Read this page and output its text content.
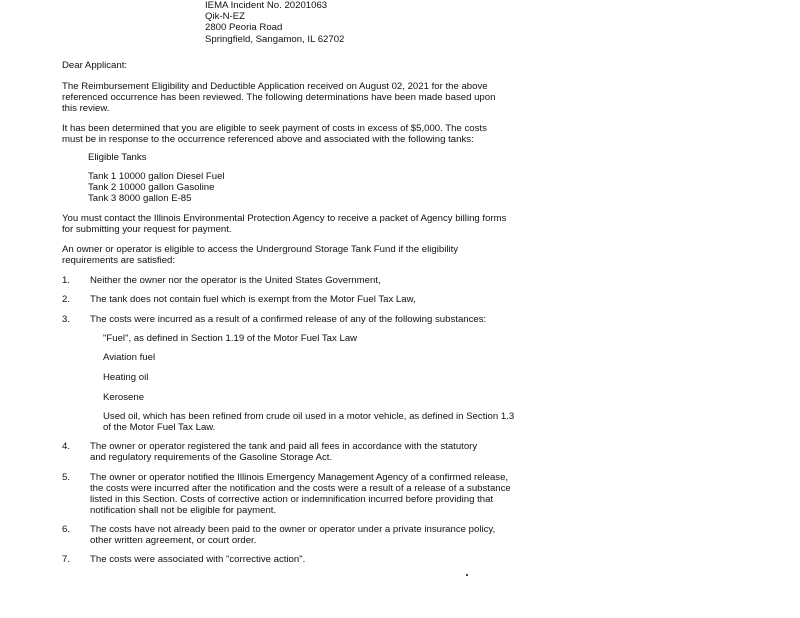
IEMA Incident No. 20201063
Qik-N-EZ
2800 Peoria Road
Springfield, Sangamon, IL 62702
Dear Applicant:
The Reimbursement Eligibility and Deductible Application received on August 02, 2021 for the above
referenced occurrence has been reviewed. The following determinations have been made based upon
this review.
It has been determined that you are eligible to seek payment of costs in excess of $5,000. The costs
must be in response to the occurrence referenced above and associated with the following tanks:
Eligible Tanks
Tank 1 10000 gallon Diesel Fuel
Tank 2 10000 gallon Gasoline
Tank 3 8000 gallon E-85
You must contact the Illinois Environmental Protection Agency to receive a packet of Agency billing forms
for submitting your request for payment.
An owner or operator is eligible to access the Underground Storage Tank Fund if the eligibility
requirements are satisfied:
1. Neither the owner nor the operator is the United States Government,
2. The tank does not contain fuel which is exempt from the Motor Fuel Tax Law,
3. The costs were incurred as a result of a confirmed release of any of the following substances:
"Fuel", as defined in Section 1.19 of the Motor Fuel Tax Law
Aviation fuel
Heating oil
Kerosene
Used oil, which has been refined from crude oil used in a motor vehicle, as defined in Section 1.3
of the Motor Fuel Tax Law.
4. The owner or operator registered the tank and paid all fees in accordance with the statutory
and regulatory requirements of the Gasoline Storage Act.
5. The owner or operator notified the Illinois Emergency Management Agency of a confirmed release,
the costs were incurred after the notification and the costs were a result of a release of a substance
listed in this Section. Costs of corrective action or indemnification incurred before providing that
notification shall not be eligible for payment.
6. The costs have not already been paid to the owner or operator under a private insurance policy,
other written agreement, or court order.
7. The costs were associated with "corrective action".
